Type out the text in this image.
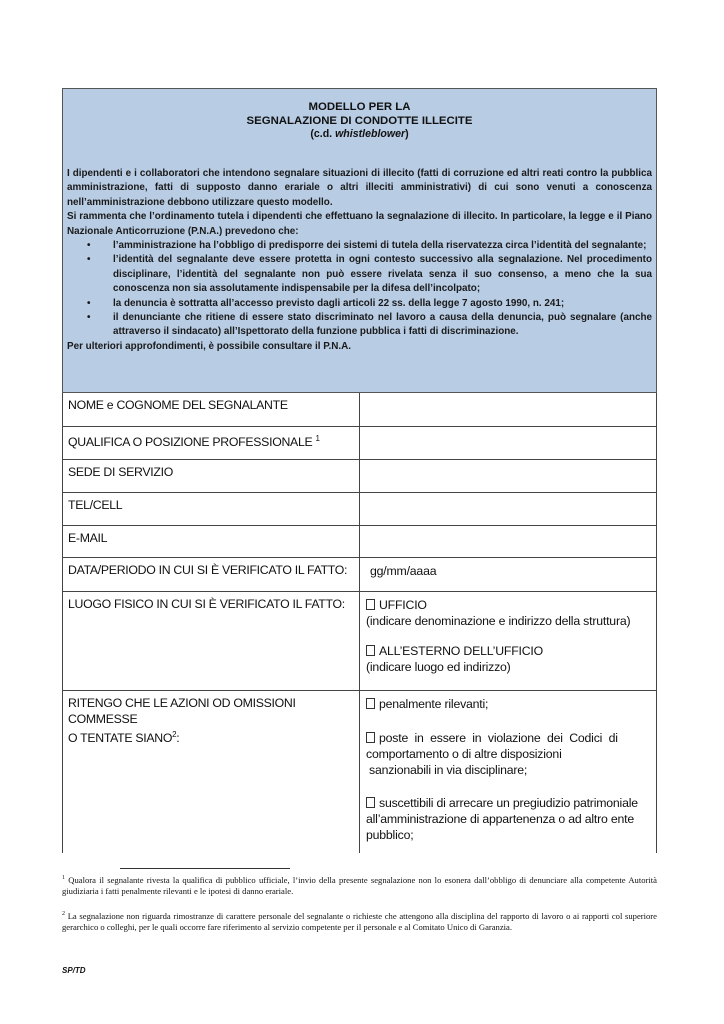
MODELLO PER LA
SEGNALAZIONE DI CONDOTTE ILLECITE
(c.d. whistleblower)

I dipendenti e i collaboratori che intendono segnalare situazioni di illecito (fatti di corruzione ed altri reati contro la pubblica amministrazione, fatti di supposto danno erariale o altri illeciti amministrativi) di cui sono venuti a conoscenza nell’amministrazione debbono utilizzare questo modello.

Si rammenta che l’ordinamento tutela i dipendenti che effettuano la segnalazione di illecito. In particolare, la legge e il Piano Nazionale Anticorruzione (P.N.A.) prevedono che:

• l’amministrazione ha l’obbligo di predisporre dei sistemi di tutela della riservatezza circa l’identità del segnalante;
• l’identità del segnalante deve essere protetta in ogni contesto successivo alla segnalazione. Nel procedimento disciplinare, l’identità del segnalante non può essere rivelata senza il suo consenso, a meno che la sua conoscenza non sia assolutamente indispensabile per la difesa dell’incolpato;
• la denuncia è sottratta all’accesso previsto dagli articoli 22 ss. della legge 7 agosto 1990, n. 241;
• il denunciante che ritiene di essere stato discriminato nel lavoro a causa della denuncia, può segnalare (anche attraverso il sindacato) all’Ispettorato della funzione pubblica i fatti di discriminazione.

Per ulteriori approfondimenti, è possibile consultare il P.N.A.

NOME e COGNOME DEL SEGNALANTE
QUALIFICA O POSIZIONE PROFESSIONALE $^1$
SEDE DI SERVIZIO
TEL/CELL
E-MAIL
DATA/PERIODO IN CUI SI È VERIFICATO IL FATTO: gg/mm/aaaa
LUOGO FISICO IN CUI SI È VERIFICATO IL FATTO:	UFFICIO
(indicare denominazione e indirizzo della struttura)
ALL’ESTERNO DELL’UFFICIO
(indicare luogo ed indirizzo)
RITENGO CHE LE AZIONI OD OMISSIONI COMMESSE
O TENTATE SIANO$^2$:
penalmente rilevanti;
poste  in  essere  in  violazione  dei  Codici  di
comportamento o di altre disposizioni
sanzionabili in via disciplinare;
suscettibili di arrecare un pregiudizio patrimoniale
all’amministrazione di appartenenza o ad altro ente
pubblico;
$^1$ Qualora il segnalante rivesta la qualifica di pubblico ufficiale, l’invio della presente segnalazione non lo esonera dall’obbligo di denunciare alla competente Autorità giudiziaria i fatti penalmente rilevanti e le ipotesi di danno erariale.
$^2$ La segnalazione non riguarda rimostranze di carattere personale del segnalante o richieste che attengono alla disciplina del rapporto di lavoro o ai rapporti col superiore gerarchico o colleghi, per le quali occorre fare riferimento al servizio competente per il personale e al Comitato Unico di Garanzia.
SP/TD
